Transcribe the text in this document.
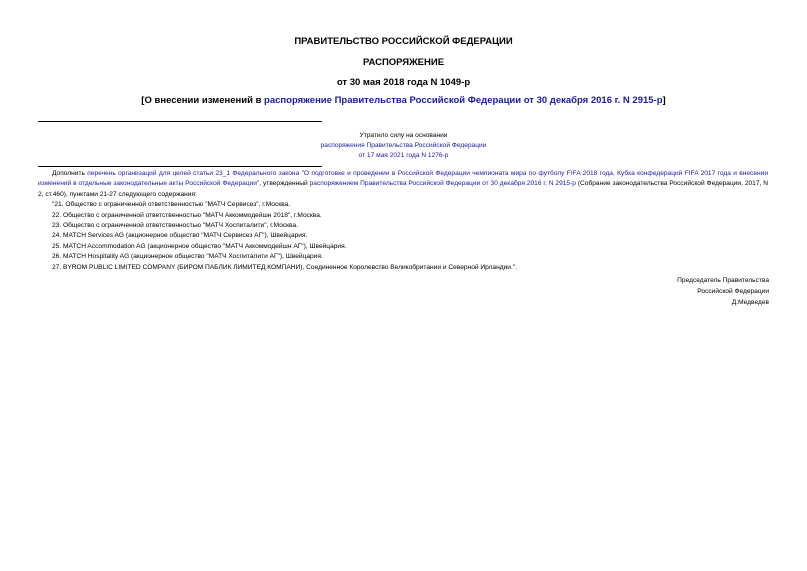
ПРАВИТЕЛЬСТВО РОССИЙСКОЙ ФЕДЕРАЦИИ
РАСПОРЯЖЕНИЕ
от 30 мая 2018 года N 1049-р
[О внесении изменений в распоряжение Правительства Российской Федерации от 30 декабря 2016 г. N 2915-р]
Утратило силу на основании
распоряжения Правительства Российской Федерации
от 17 мая 2021 года N 1276-р
Дополнить перечень организаций для целей статьи 23_1 Федерального закона "О подготовке и проведении в Российской Федерации чемпионата мира по футболу FIFA 2018 года, Кубка конфедераций FIFA 2017 года и внесении изменений в отдельные законодательные акты Российской Федерации", утвержденный распоряжением Правительства Российской Федерации от 30 декабря 2016 г. N 2915-р (Собрание законодательства Российской Федерации, 2017, N 2, ст.460), пунктами 21-27 следующего содержания:
"21. Общество с ограниченной ответственностью "МАТЧ Сервисез", г.Москва.
22. Общество с ограниченной ответственностью "МАТЧ Аккоммодейшн 2018", г.Москва.
23. Общество с ограниченной ответственностью "МАТЧ Хоспиталити", г.Москва.
24. MATCH Services AG (акционерное общество "МАТЧ Сервисез АГ"), Швейцария.
25. MATCH Accommodation AG (акционерное общество "МАТЧ Аккоммодейшн АГ"), Швейцария.
26. MATCH Hospitality AG (акционерное общество "МАТЧ Хоспиталити АГ"), Швейцария.
27. BYROM PUBLIC LIMITED COMPANY (БИРОМ ПАБЛИК ЛИМИТЕД КОМПАНИ), Соединенное Королевство Великобритании и Северной Ирландии.".
Председатель Правительства
Российской Федерации
Д.Медведев
